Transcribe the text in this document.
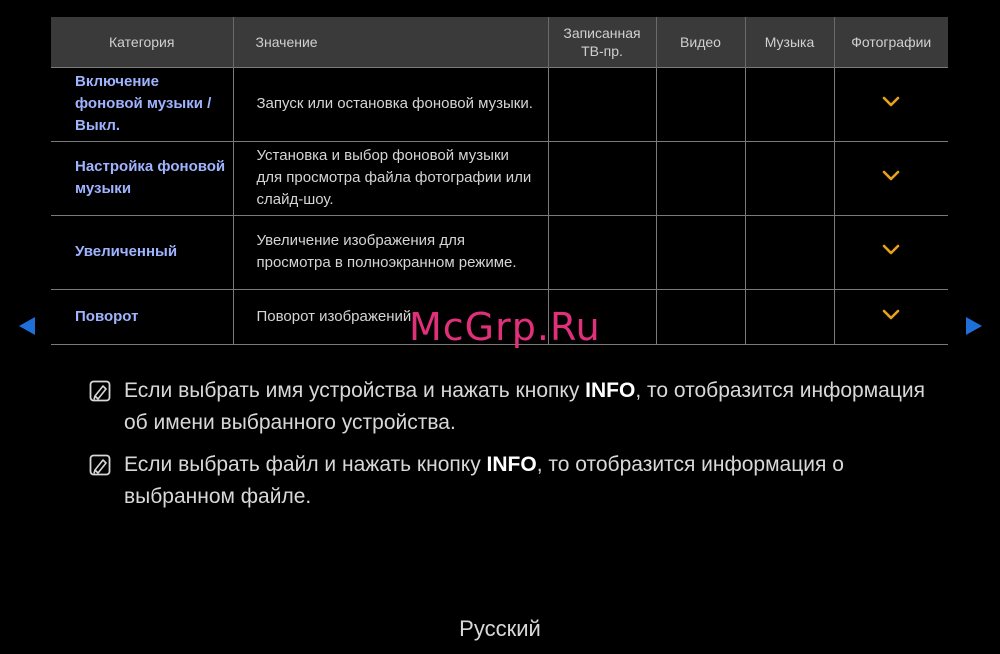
Категория	Значение	Записанная ТВ-пр.	Видео	Музыка	Фотографии
Включение фоновой музыки / Выкл.	Запуск или остановка фоновой музыки.				
Настройка фоновой музыки	Установка и выбор фоновой музыки для просмотра файла фотографии или слайд-шоу.				
Увеличенный	Увеличение изображения для просмотра в полноэкранном режиме.				
Поворот	Поворот изображений				
McGrp.Ru
Если выбрать имя устройства и нажать кнопку INFO, то отобразится информация об имени выбранного устройства.
Если выбрать файл и нажать кнопку INFO, то отобразится информация о выбранном файле.
Русский
